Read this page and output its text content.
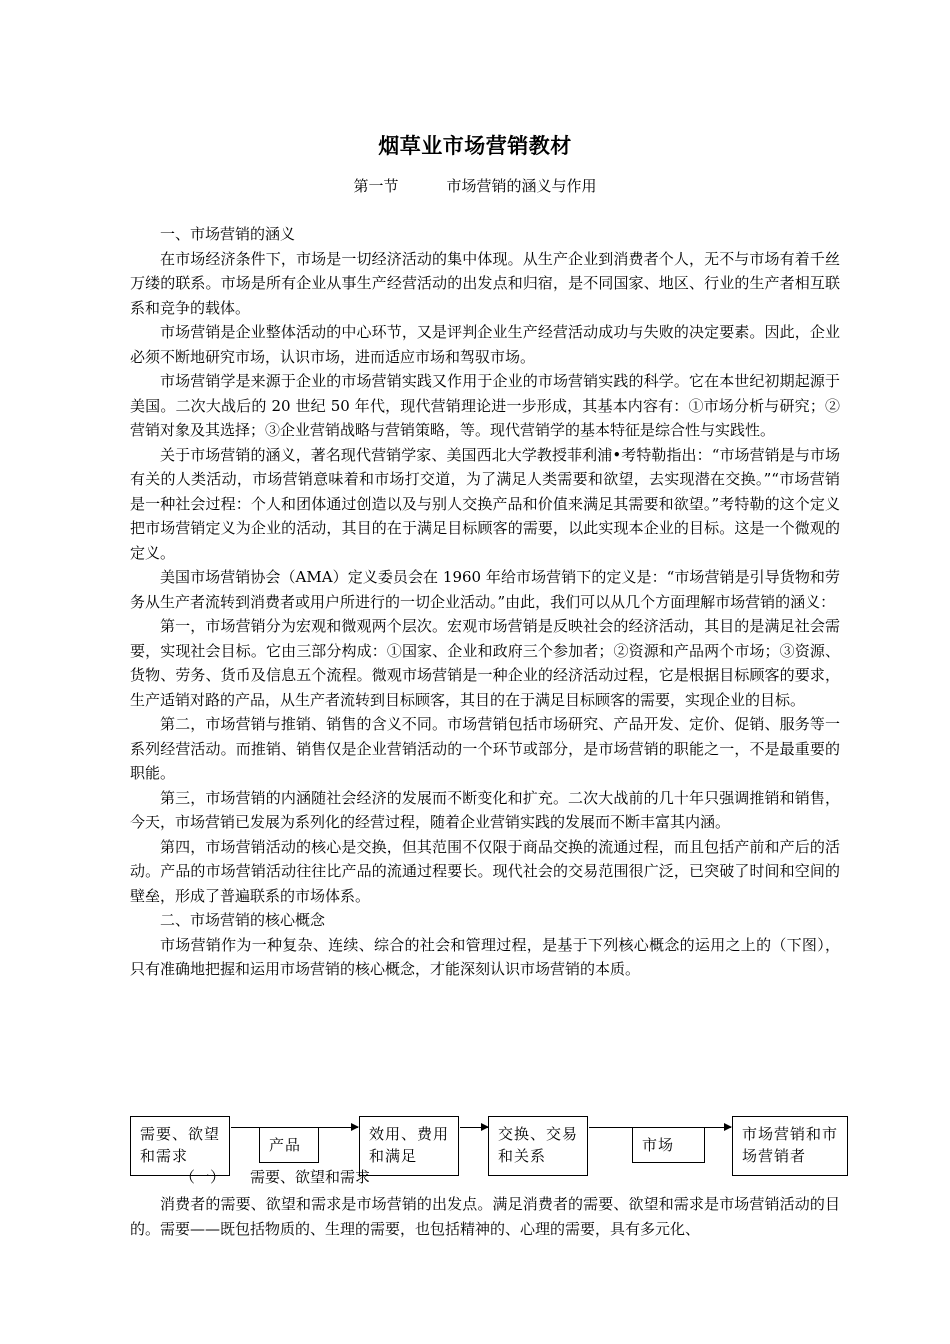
烟草业市场营销教材
第一节	市场营销的涵义与作用

一、市场营销的涵义

在市场经济条件下，市场是一切经济活动的集中体现。从生产企业到消费者个人，无不与市场有着千丝万缕的联系。市场是所有企业从事生产经营活动的出发点和归宿，是不同国家、地区、行业的生产者相互联系和竞争的载体。

市场营销是企业整体活动的中心环节，又是评判企业生产经营活动成功与失败的决定要素。因此，企业必须不断地研究市场，认识市场，进而适应市场和驾驭市场。

市场营销学是来源于企业的市场营销实践又作用于企业的市场营销实践的科学。它在本世纪初期起源于美国。二次大战后的 20 世纪 50 年代，现代营销理论进一步形成，其基本内容有：①市场分析与研究；②营销对象及其选择；③企业营销战略与营销策略，等。现代营销学的基本特征是综合性与实践性。

关于市场营销的涵义，著名现代营销学家、美国西北大学教授菲利浦•考特勒指出：“市场营销是与市场有关的人类活动，市场营销意味着和市场打交道，为了满足人类需要和欲望，去实现潜在交换。”“市场营销是一种社会过程：个人和团体通过创造以及与别人交换产品和价值来满足其需要和欲望。”考特勒的这个定义把市场营销定义为企业的活动，其目的在于满足目标顾客的需要，以此实现本企业的目标。这是一个微观的定义。

美国市场营销协会（AMA）定义委员会在 1960 年给市场营销下的定义是：“市场营销是引导货物和劳务从生产者流转到消费者或用户所进行的一切企业活动。”由此，我们可以从几个方面理解市场营销的涵义：

第一，市场营销分为宏观和微观两个层次。宏观市场营销是反映社会的经济活动，其目的是满足社会需要，实现社会目标。它由三部分构成：①国家、企业和政府三个参加者；②资源和产品两个市场；③资源、货物、劳务、货币及信息五个流程。微观市场营销是一种企业的经济活动过程，它是根据目标顾客的要求，生产适销对路的产品，从生产者流转到目标顾客，其目的在于满足目标顾客的需要，实现企业的目标。

第二，市场营销与推销、销售的含义不同。市场营销包括市场研究、产品开发、定价、促销、服务等一系列经营活动。而推销、销售仅是企业营销活动的一个环节或部分，是市场营销的职能之一，不是最重要的职能。

第三，市场营销的内涵随社会经济的发展而不断变化和扩充。二次大战前的几十年只强调推销和销售，今天，市场营销已发展为系列化的经营过程，随着企业营销实践的发展而不断丰富其内涵。

第四，市场营销活动的核心是交换，但其范围不仅限于商品交换的流通过程，而且包括产前和产后的活动。产品的市场营销活动往往比产品的流通过程要长。现代社会的交易范围很广泛，已突破了时间和空间的壁垒，形成了普遍联系的市场体系。

二、市场营销的核心概念

市场营销作为一种复杂、连续、综合的社会和管理过程，是基于下列核心概念的运用之上的（下图），只有准确地把握和运用市场营销的核心概念，才能深刻认识市场营销的本质。

需要、欲望和需求
产品
效用、费用和满足
交换、交易和关系
市场
市场营销和市场营销者
（一） 需要、欲望和需求

消费者的需要、欲望和需求是市场营销的出发点。满足消费者的需要、欲望和需求是市场营销活动的目的。需要——既包括物质的、生理的需要，也包括精神的、心理的需要，具有多元化、
